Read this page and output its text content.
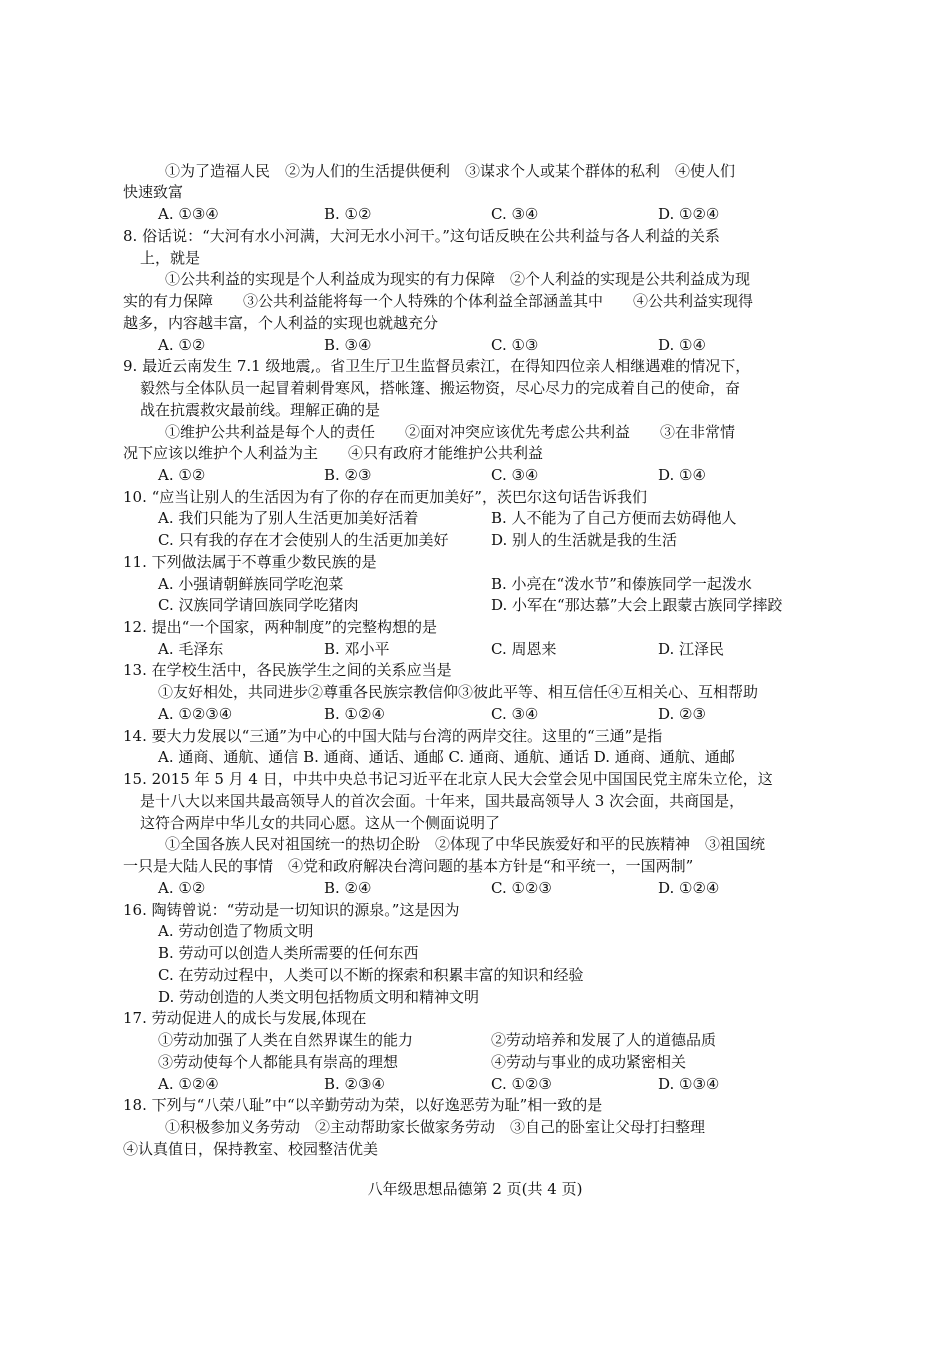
①为了造福人民　②为人们的生活提供便利　③谋求个人或某个群体的私利　④使人们
快速致富
A. ①③④	B. ①②	C. ③④	D. ①②④
8. 俗话说：“大河有水小河满，大河无水小河干。”这句话反映在公共利益与各人利益的关系
上，就是
①公共利益的实现是个人利益成为现实的有力保障　②个人利益的实现是公共利益成为现
实的有力保障　　③公共利益能将每一个人特殊的个体利益全部涵盖其中　　④公共利益实现得
越多，内容越丰富，个人利益的实现也就越充分
A. ①②	B. ③④	C. ①③	D. ①④
9. 最近云南发生 7.1 级地震,。省卫生厅卫生监督员索江，在得知四位亲人相继遇难的情况下，
毅然与全体队员一起冒着刺骨寒风，搭帐篷、搬运物资，尽心尽力的完成着自己的使命，奋
战在抗震救灾最前线。理解正确的是
①维护公共利益是每个人的责任　　②面对冲突应该优先考虑公共利益　　③在非常情
况下应该以维护个人利益为主　　④只有政府才能维护公共利益
A. ①②	B. ②③	C. ③④	D. ①④
10. “应当让别人的生活因为有了你的存在而更加美好”，茨巴尔这句话告诉我们
A. 我们只能为了别人生活更加美好活着	B. 人不能为了自己方便而去妨碍他人
C. 只有我的存在才会使别人的生活更加美好	D. 别人的生活就是我的生活
11. 下列做法属于不尊重少数民族的是
A. 小强请朝鲜族同学吃泡菜	B. 小亮在“泼水节”和傣族同学一起泼水
C. 汉族同学请回族同学吃猪肉	D. 小军在“那达慕”大会上跟蒙古族同学摔跤
12. 提出“一个国家，两种制度”的完整构想的是
A. 毛泽东	B. 邓小平	C. 周恩来	D. 江泽民
13. 在学校生活中，各民族学生之间的关系应当是
①友好相处，共同进步②尊重各民族宗教信仰③彼此平等、相互信任④互相关心、互相帮助
A. ①②③④	B. ①②④	C. ③④	D. ②③
14. 要大力发展以“三通”为中心的中国大陆与台湾的两岸交往。这里的“三通”是指
A. 通商、通航、通信 B. 通商、通话、通邮 C. 通商、通航、通话 D. 通商、通航、通邮
15. 2015 年 5 月 4 日，中共中央总书记习近平在北京人民大会堂会见中国国民党主席朱立伦，这
是十八大以来国共最高领导人的首次会面。十年来，国共最高领导人 3 次会面，共商国是，
这符合两岸中华儿女的共同心愿。这从一个侧面说明了
①全国各族人民对祖国统一的热切企盼　②体现了中华民族爱好和平的民族精神　③祖国统
一只是大陆人民的事情　④党和政府解决台湾问题的基本方针是“和平统一，一国两制”
A. ①②	B. ②④	C. ①②③	D. ①②④
16. 陶铸曾说：“劳动是一切知识的源泉。”这是因为
A. 劳动创造了物质文明
B. 劳动可以创造人类所需要的任何东西
C. 在劳动过程中，人类可以不断的探索和积累丰富的知识和经验
D. 劳动创造的人类文明包括物质文明和精神文明
17. 劳动促进人的成长与发展,体现在
①劳动加强了人类在自然界谋生的能力	②劳动培养和发展了人的道德品质
③劳动使每个人都能具有崇高的理想	④劳动与事业的成功紧密相关
A. ①②④	B. ②③④	C. ①②③	D. ①③④
18. 下列与“八荣八耻”中“以辛勤劳动为荣，以好逸恶劳为耻”相一致的是
①积极参加义务劳动　②主动帮助家长做家务劳动　③自己的卧室让父母打扫整理
④认真值日，保持教室、校园整洁优美
八年级思想品德第 2 页(共 4 页)
